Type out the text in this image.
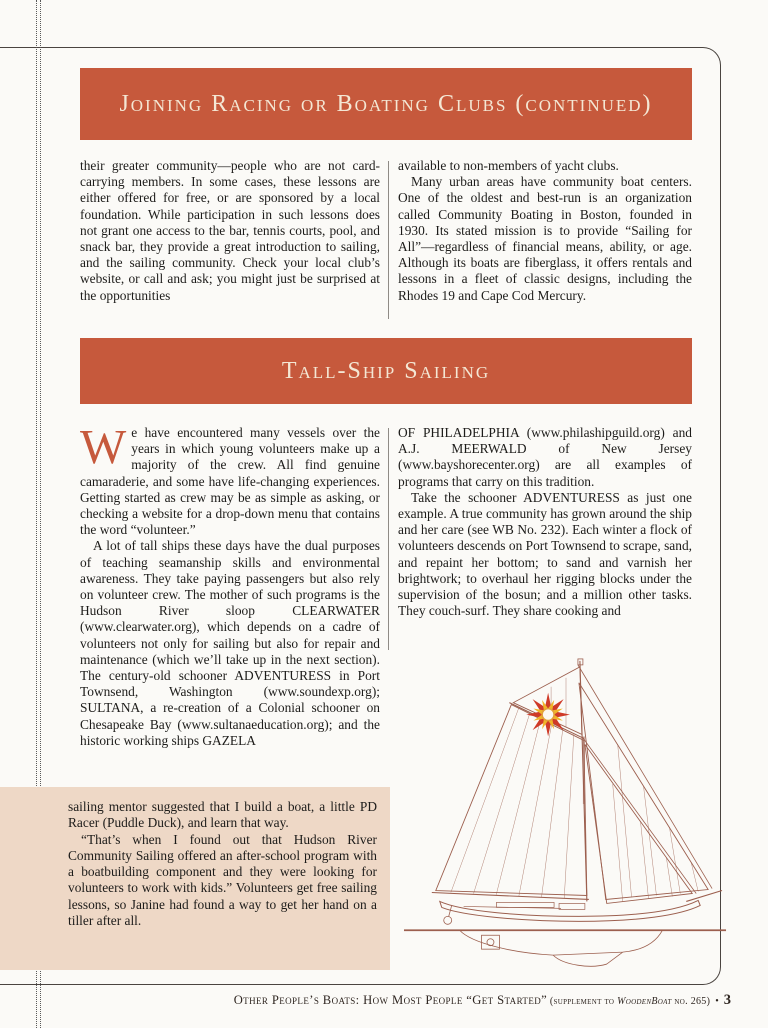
Joining Racing or Boating Clubs (continued)

their greater community—people who are not card-carrying members. In some cases, these lessons are either offered for free, or are sponsored by a local foundation. While participation in such lessons does not grant one access to the bar, tennis courts, pool, and snack bar, they provide a great introduction to sailing, and the sailing community. Check your local club’s website, or call and ask; you might just be surprised at the opportunities

available to non-members of yacht clubs.

Many urban areas have community boat centers. One of the oldest and best-run is an organization called Community Boating in Boston, founded in 1930. Its stated mission is to provide “Sailing for All”—regardless of financial means, ability, or age. Although its boats are fiberglass, it offers rentals and lessons in a fleet of classic designs, including the Rhodes 19 and Cape Cod Mercury.

Tall-Ship Sailing

We have encountered many vessels over the years in which young volunteers make up a majority of the crew. All find genuine camaraderie, and some have life-changing experiences. Getting started as crew may be as simple as asking, or checking a website for a drop-down menu that contains the word “volunteer.”

A lot of tall ships these days have the dual purposes of teaching seamanship skills and environmental awareness. They take paying passengers but also rely on volunteer crew. The mother of such programs is the Hudson River sloop CLEARWATER (www.clearwater.org), which depends on a cadre of volunteers not only for sailing but also for repair and maintenance (which we’ll take up in the next section). The century-old schooner ADVENTURESS in Port Townsend, Washington (www.soundexp.org); SULTANA, a re-creation of a Colonial schooner on Chesapeake Bay (www.sultanaeducation.org); and the historic working ships GAZELA

OF PHILADELPHIA (www.philashipguild.org) and A.J. MEERWALD of New Jersey (www.bayshorecenter.org) are all examples of programs that carry on this tradition.

Take the schooner ADVENTURESS as just one example. A true community has grown around the ship and her care (see WB No. 232). Each winter a flock of volunteers descends on Port Townsend to scrape, sand, and repaint her bottom; to sand and varnish her brightwork; to overhaul her rigging blocks under the supervision of the bosun; and a million other tasks. They couch-surf. They share cooking and

sailing mentor suggested that I build a boat, a little PD Racer (Puddle Duck), and learn that way.

“That’s when I found out that Hudson River Community Sailing offered an after-school program with a boatbuilding component and they were looking for volunteers to work with kids.” Volunteers get free sailing lessons, so Janine had found a way to get her hand on a tiller after all.

Other People’s Boats: How Most People “Get Started” (supplement to WoodenBoat no. 265) • 3
